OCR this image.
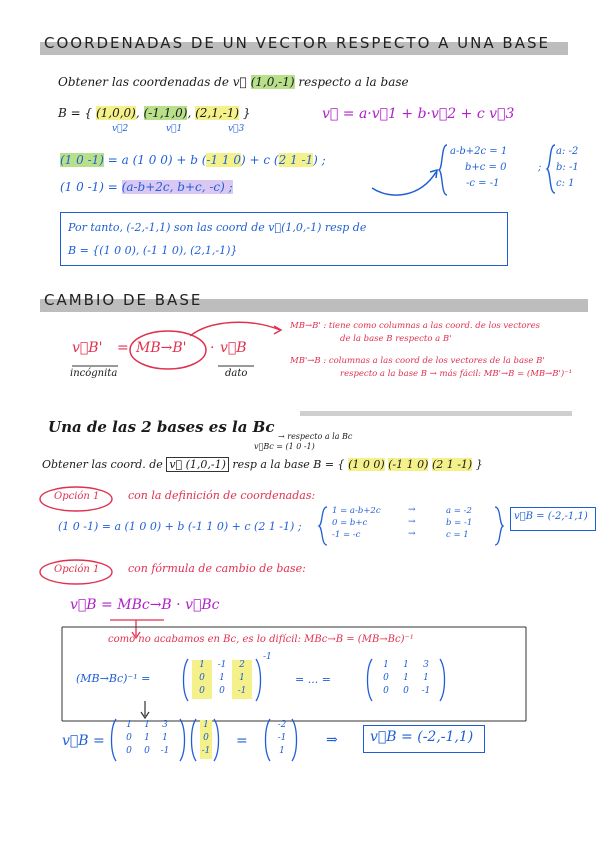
COORDENADAS DE UN VECTOR RESPECTO A UNA BASE
Obtener las coordenadas de v⃗ (1,0,-1) respecto a la base
B = { (1,0,0), (-1,1,0), (2,1,-1) }
v⃗2	v⃗1	v⃗3
v⃗ = a·v⃗1 + b·v⃗2 + c v⃗3
(1 0 -1) = a (1 0 0) + b (-1 1 0) + c (2 1 -1) ;
(1 0 -1) = (a-b+2c, b+c, -c) ;
a-b+2c = 1
b+c = 0
-c = -1
;
a: -2
b: -1
c: 1
Por tanto, (-2,-1,1) son las coord de v⃗(1,0,-1) resp de
B = {(1 0 0), (-1 1 0), (2,1,-1)}
CAMBIO DE BASE
v⃗B' = MB→B' · v⃗B
incógnita	dato
MB→B' : tiene como columnas a las coord. de los vectores
de la base B respecto a B'
MB'→B : columnas a las coord de los vectores de la base B'
respecto a la base B → más fácil: MB'→B = (MB→B')⁻¹
Una de las 2 bases es la Bc
→ respecto a la Bc
v⃗Bc = (1 0 -1)
Obtener las coord. de v⃗ (1,0,-1) resp a la base B = { (1 0 0) (-1 1 0) (2 1 -1) }
Opción 1	con la definición de coordenadas:
(1 0 -1) = a (1 0 0) + b (-1 1 0) + c (2 1 -1) ;
1 = a-b+2c
0 = b+c
-1 = -c
→
→
→
a = -2
b = -1
c = 1
v⃗B = (-2,-1,1)
Opción 1	con fórmula de cambio de base:
v⃗B = MBc→B · v⃗Bc
como no acabamos en Bc, es lo difícil: MBc→B = (MB→Bc)⁻¹
(MB→Bc)⁻¹ =
1	-1	2
0	1	1
0	0	-1
-1
= ... =
1	1	3
0	1	1
0	0	-1
v⃗B =
1	1	3
0	1	1
0	0	-1
1
0
-1
=
-2
-1
1
⇒ v⃗B = (-2,-1,1)
